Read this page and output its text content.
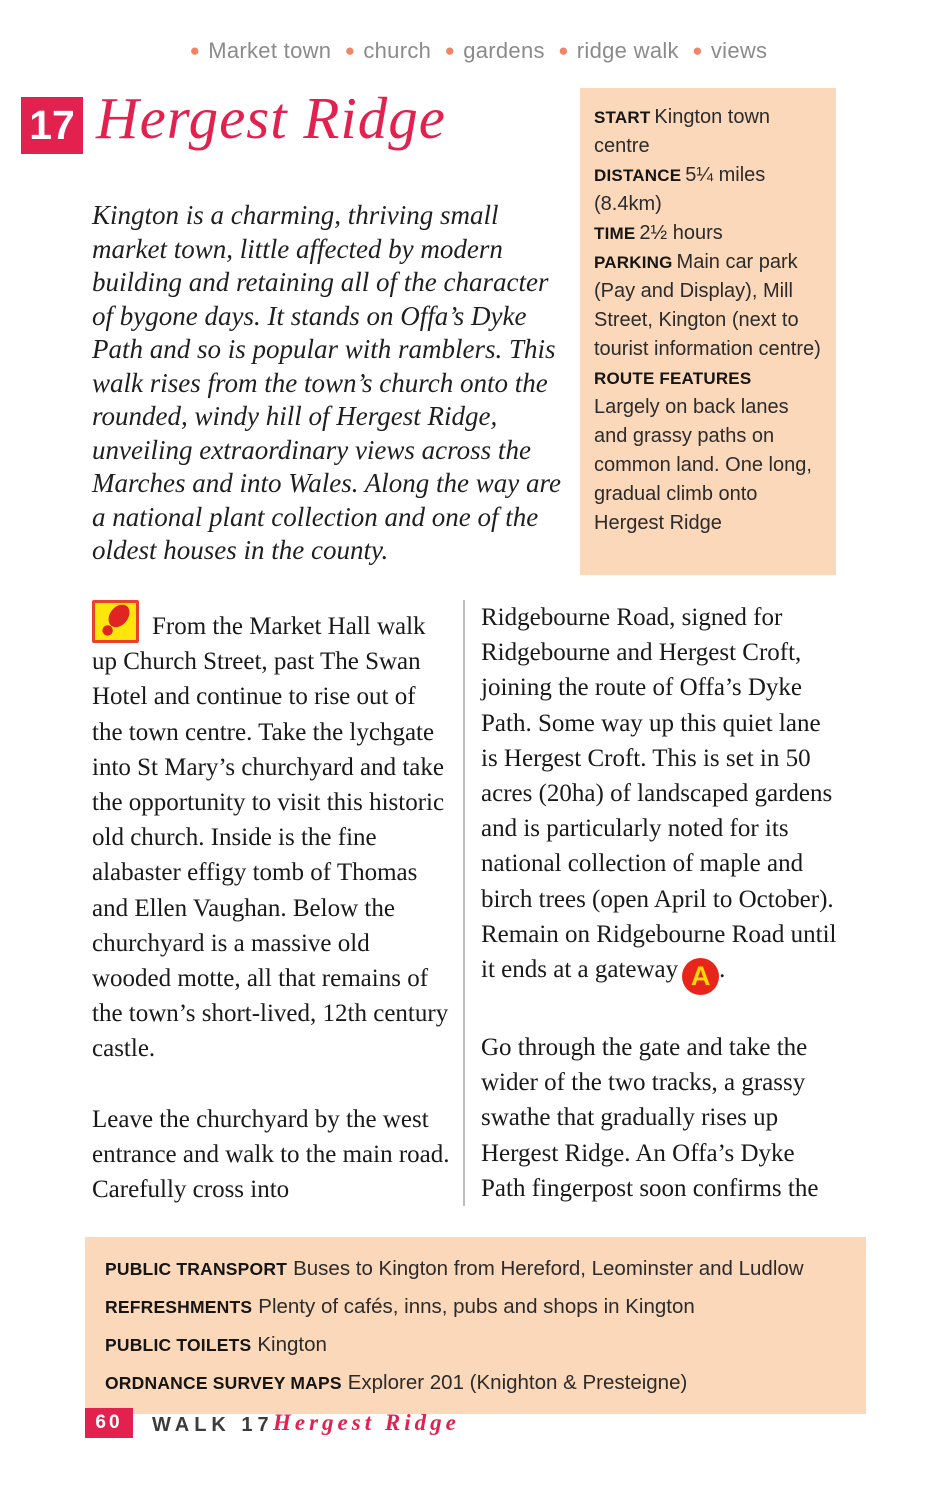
● Market town ● church ● gardens ● ridge walk ● views
17 Hergest Ridge

Kington is a charming, thriving small market town, little affected by modern building and retaining all of the character of bygone days. It stands on Offa’s Dyke Path and so is popular with ramblers. This walk rises from the town’s church onto the rounded, windy hill of Hergest Ridge, unveiling extraordinary views across the Marches and into Wales. Along the way are a national plant collection and one of the oldest houses in the county.

START Kington town centre
DISTANCE 5¼ miles (8.4km)
TIME 2½ hours
PARKING Main car park (Pay and Display), Mill Street, Kington (next to tourist information centre)
ROUTE FEATURES
Largely on back lanes and grassy paths on common land. One long, gradual climb onto Hergest Ridge

From the Market Hall walk up Church Street, past The Swan Hotel and continue to rise out of the town centre. Take the lychgate into St Mary’s churchyard and take the opportunity to visit this historic old church. Inside is the fine alabaster effigy tomb of Thomas and Ellen Vaughan. Below the churchyard is a massive old wooded motte, all that remains of the town’s short-lived, 12th century castle.

Leave the churchyard by the west entrance and walk to the main road. Carefully cross into

Ridgebourne Road, signed for Ridgebourne and Hergest Croft, joining the route of Offa’s Dyke Path. Some way up this quiet lane is Hergest Croft. This is set in 50 acres (20ha) of landscaped gardens and is particularly noted for its national collection of maple and birch trees (open April to October). Remain on Ridgebourne Road until it ends at a gateway A .

Go through the gate and take the wider of the two tracks, a grassy swathe that gradually rises up Hergest Ridge. An Offa’s Dyke Path fingerpost soon confirms the

PUBLIC TRANSPORT Buses to Kington from Hereford, Leominster and Ludlow
REFRESHMENTS Plenty of cafés, inns, pubs and shops in Kington
PUBLIC TOILETS Kington
ORDNANCE SURVEY MAPS Explorer 201 (Knighton & Presteigne)
60	WALK 17 Hergest Ridge
